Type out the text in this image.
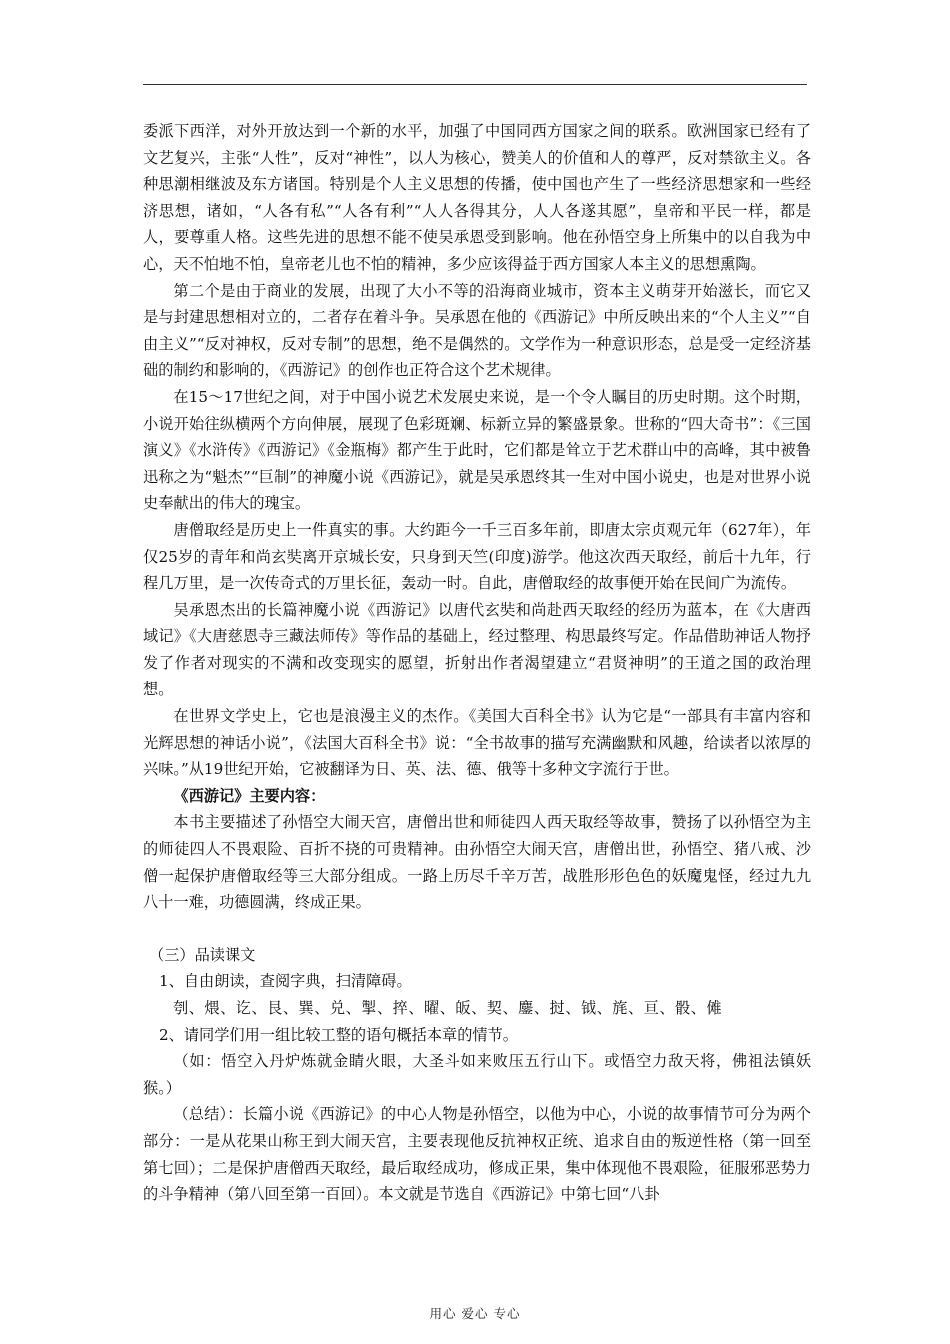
委派下西洋，对外开放达到一个新的水平，加强了中国同西方国家之间的联系。欧洲国家已经有了文艺复兴，主张“人性”，反对“神性”，以人为核心，赞美人的价值和人的尊严，反对禁欲主义。各种思潮相继波及东方诸国。特别是个人主义思想的传播，使中国也产生了一些经济思想家和一些经济思想，诸如，“人各有私”“人各有利”“人人各得其分，人人各遂其愿”，皇帝和平民一样，都是人，要尊重人格。这些先进的思想不能不使吴承恩受到影响。他在孙悟空身上所集中的以自我为中心，天不怕地不怕，皇帝老儿也不怕的精神，多少应该得益于西方国家人本主义的思想熏陶。

第二个是由于商业的发展，出现了大小不等的沿海商业城市，资本主义萌芽开始滋长，而它又是与封建思想相对立的，二者存在着斗争。吴承恩在他的《西游记》中所反映出来的“个人主义”“自由主义”“反对神权，反对专制”的思想，绝不是偶然的。文学作为一种意识形态，总是受一定经济基础的制约和影响的，《西游记》的创作也正符合这个艺术规律。

在15～17世纪之间，对于中国小说艺术发展史来说，是一个令人瞩目的历史时期。这个时期，小说开始往纵横两个方向伸展，展现了色彩斑斓、标新立异的繁盛景象。世称的“四大奇书”：《三国演义》《水浒传》《西游记》《金瓶梅》都产生于此时，它们都是耸立于艺术群山中的高峰，其中被鲁迅称之为“魁杰”“巨制”的神魔小说《西游记》，就是吴承恩终其一生对中国小说史，也是对世界小说史奉献出的伟大的瑰宝。

唐僧取经是历史上一件真实的事。大约距今一千三百多年前，即唐太宗贞观元年（627年），年仅25岁的青年和尚玄奘离开京城长安，只身到天竺(印度)游学。他这次西天取经，前后十九年，行程几万里，是一次传奇式的万里长征，轰动一时。自此，唐僧取经的故事便开始在民间广为流传。

吴承恩杰出的长篇神魔小说《西游记》以唐代玄奘和尚赴西天取经的经历为蓝本，在《大唐西域记》《大唐慈恩寺三藏法师传》等作品的基础上，经过整理、构思最终写定。作品借助神话人物抒发了作者对现实的不满和改变现实的愿望，折射出作者渴望建立“君贤神明”的王道之国的政治理想。

在世界文学史上，它也是浪漫主义的杰作。《美国大百科全书》认为它是“一部具有丰富内容和光辉思想的神话小说”，《法国大百科全书》说：“全书故事的描写充满幽默和风趣，给读者以浓厚的兴味。”从19世纪开始，它被翻译为日、英、法、德、俄等十多种文字流行于世。

《西游记》主要内容：

本书主要描述了孙悟空大闹天宫，唐僧出世和师徒四人西天取经等故事，赞扬了以孙悟空为主的师徒四人不畏艰险、百折不挠的可贵精神。由孙悟空大闹天宫，唐僧出世，孙悟空、猪八戒、沙僧一起保护唐僧取经等三大部分组成。一路上历尽千辛万苦，战胜形形色色的妖魔鬼怪，经过九九八十一难，功德圆满，终成正果。

（三）品读课文

1、自由朗读，查阅字典，扫清障碍。

刳、煨、讫、艮、巽、兑、掣、捽、曜、皈、契、鏖、挝、钺、旄、亘、骰、傩

2、请同学们用一组比较工整的语句概括本章的情节。

（如：悟空入丹炉炼就金睛火眼，大圣斗如来败压五行山下。或悟空力敌天将，佛祖法镇妖猴。）

（总结）：长篇小说《西游记》的中心人物是孙悟空，以他为中心，小说的故事情节可分为两个部分：一是从花果山称王到大闹天宫，主要表现他反抗神权正统、追求自由的叛逆性格（第一回至第七回）；二是保护唐僧西天取经，最后取经成功，修成正果，集中体现他不畏艰险，征服邪恶势力的斗争精神（第八回至第一百回）。本文就是节选自《西游记》中第七回“八卦

用心 爱心 专心
